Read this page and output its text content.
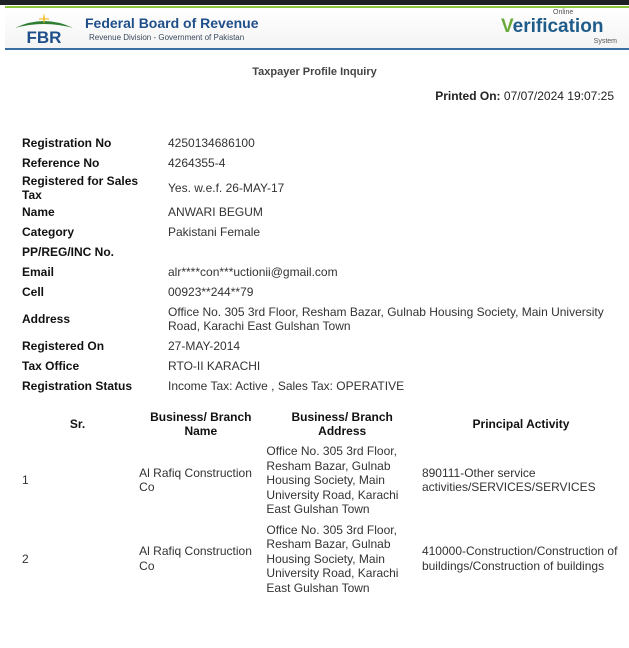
FBR
Federal Board of Revenue
Revenue Division - Government of Pakistan
Online
Verification
System
Taxpayer Profile Inquiry
Printed On: 07/07/2024 19:07:25
Registration No	4250134686100
Reference No	4264355-4
Registered for Sales Tax	Yes. w.e.f. 26-MAY-17
Name	ANWARI BEGUM
Category	Pakistani Female
PP/REG/INC No.	
Email	alr****con***uctionii@gmail.com
Cell	00923**244**79
Address	Office No. 305 3rd Floor, Resham Bazar, Gulnab Housing Society, Main University Road, Karachi East Gulshan Town
Registered On	27-MAY-2014
Tax Office	RTO-II KARACHI
Registration Status	Income Tax: Active , Sales Tax: OPERATIVE
Sr.	Business/ Branch Name	Business/ Branch Address	Principal Activity
1	Al Rafiq Construction Co	Office No. 305 3rd Floor, Resham Bazar, Gulnab Housing Society, Main University Road, Karachi East Gulshan Town	890111-Other service activities/SERVICES/SERVICES
2	Al Rafiq Construction Co	Office No. 305 3rd Floor, Resham Bazar, Gulnab Housing Society, Main University Road, Karachi East Gulshan Town	410000-Construction/Construction of buildings/Construction of buildings
